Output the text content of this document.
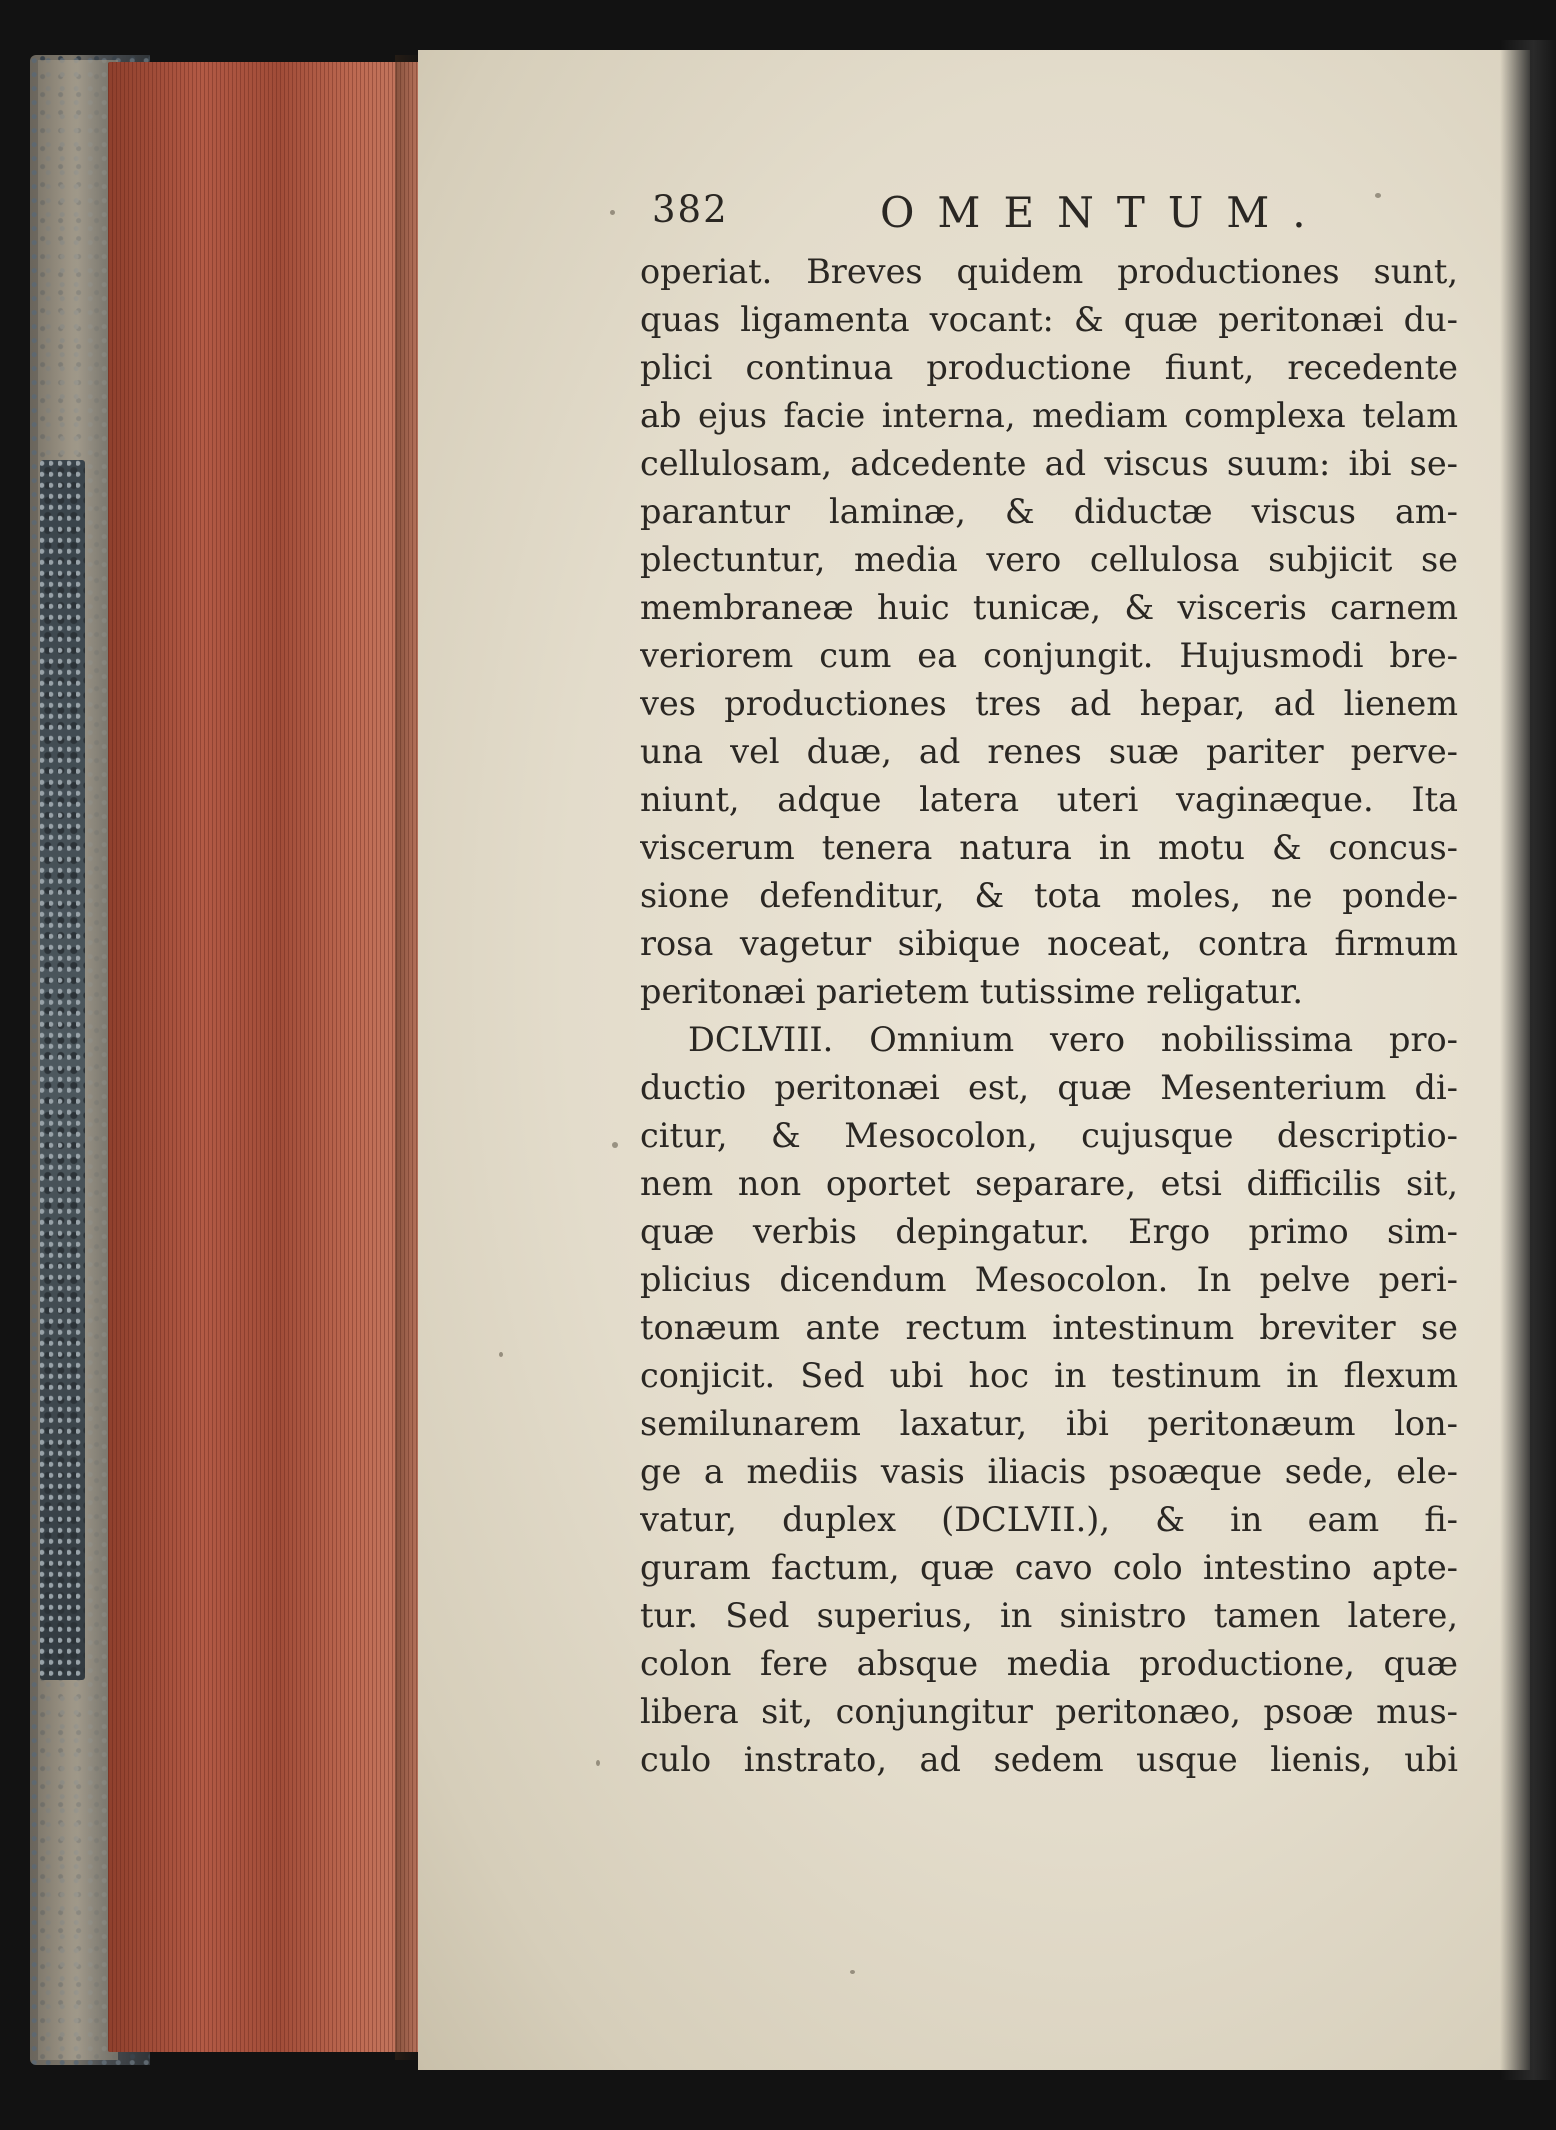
382	OMENTUM.
operiat. Breves quidem productiones sunt,
quas ligamenta vocant: & quæ peritonæi du-
plici continua productione fiunt, recedente
ab ejus facie interna, mediam complexa telam
cellulosam, adcedente ad viscus suum: ibi se-
parantur laminæ, & diductæ viscus am-
plectuntur, media vero cellulosa subjicit se
membraneæ huic tunicæ, & visceris carnem
veriorem cum ea conjungit. Hujusmodi bre-
ves productiones tres ad hepar, ad lienem
una vel duæ, ad renes suæ pariter perve-
niunt, adque latera uteri vaginæque. Ita
viscerum tenera natura in motu & concus-
sione defenditur, & tota moles, ne ponde-
rosa vagetur sibique noceat, contra firmum
peritonæi parietem tutissime religatur.
DCLVIII. Omnium vero nobilissima pro-
ductio peritonæi est, quæ Mesenterium di-
citur, & Mesocolon, cujusque descriptio-
nem non oportet separare, etsi difficilis sit,
quæ verbis depingatur. Ergo primo sim-
plicius dicendum Mesocolon. In pelve peri-
tonæum ante rectum intestinum breviter se
conjicit. Sed ubi hoc in testinum in flexum
semilunarem laxatur, ibi peritonæum lon-
ge a mediis vasis iliacis psoæque sede, ele-
vatur, duplex (DCLVII.), & in eam fi-
guram factum, quæ cavo colo intestino apte-
tur. Sed superius, in sinistro tamen latere,
colon fere absque media productione, quæ
libera sit, conjungitur peritonæo, psoæ mus-
culo instrato, ad sedem usque lienis, ubi
